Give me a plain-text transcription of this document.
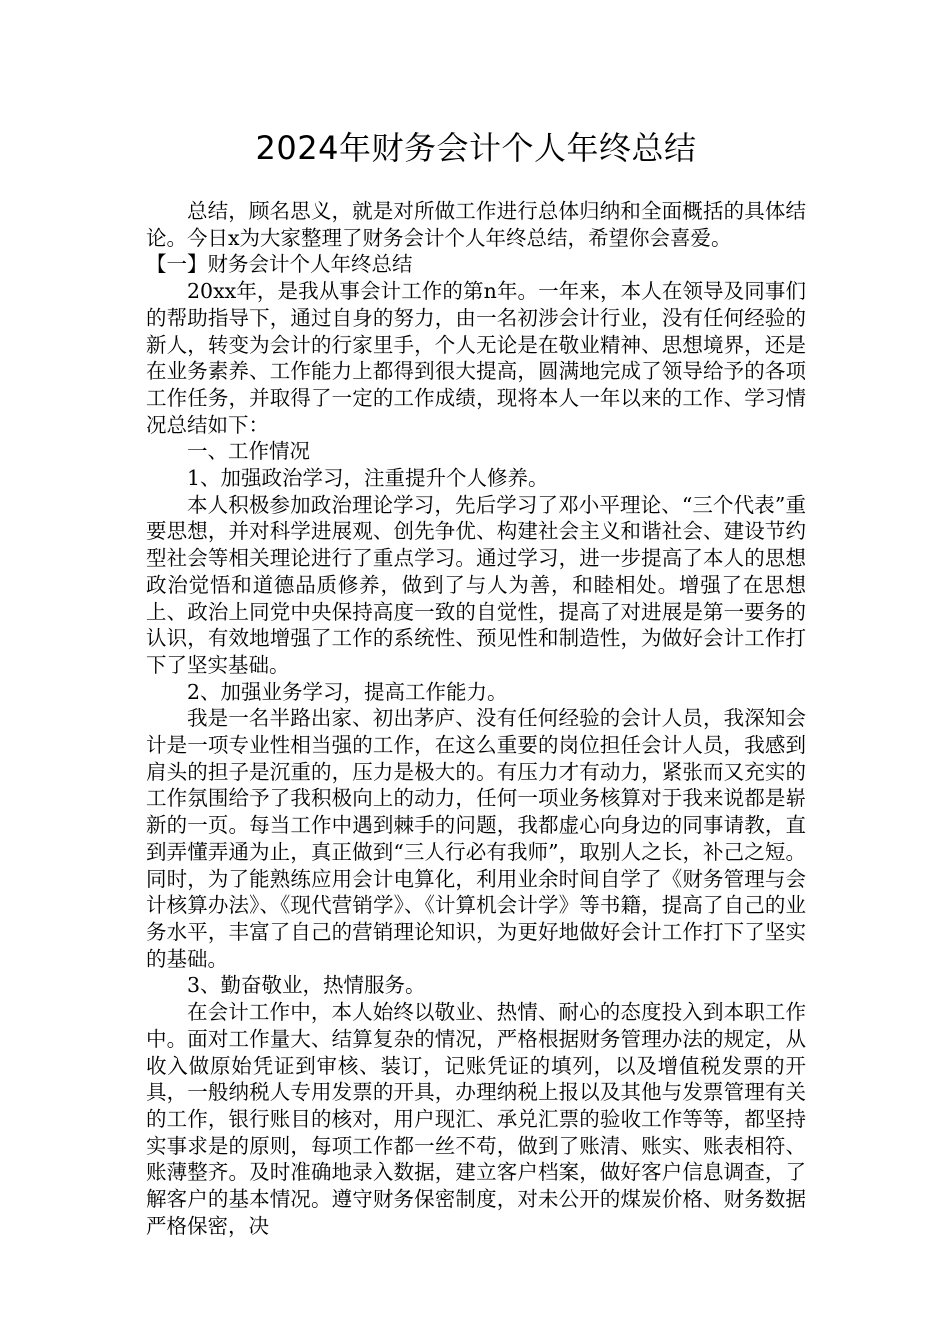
2024年财务会计个人年终总结

总结，顾名思义，就是对所做工作进行总体归纳和全面概括的具体结论。今日x为大家整理了财务会计个人年终总结，希望你会喜爱。

【一】财务会计个人年终总结

20xx年，是我从事会计工作的第n年。一年来，本人在领导及同事们的帮助指导下，通过自身的努力，由一名初涉会计行业，没有任何经验的新人，转变为会计的行家里手，个人无论是在敬业精神、思想境界，还是在业务素养、工作能力上都得到很大提高，圆满地完成了领导给予的各项工作任务，并取得了一定的工作成绩，现将本人一年以来的工作、学习情况总结如下：

一、工作情况

1、加强政治学习，注重提升个人修养。

本人积极参加政治理论学习，先后学习了邓小平理论、“三个代表”重要思想，并对科学进展观、创先争优、构建社会主义和谐社会、建设节约型社会等相关理论进行了重点学习。通过学习，进一步提高了本人的思想政治觉悟和道德品质修养，做到了与人为善，和睦相处。增强了在思想上、政治上同党中央保持高度一致的自觉性，提高了对进展是第一要务的认识，有效地增强了工作的系统性、预见性和制造性，为做好会计工作打下了坚实基础。

2、加强业务学习，提高工作能力。

我是一名半路出家、初出茅庐、没有任何经验的会计人员，我深知会计是一项专业性相当强的工作，在这么重要的岗位担任会计人员，我感到肩头的担子是沉重的，压力是极大的。有压力才有动力，紧张而又充实的工作氛围给予了我积极向上的动力，任何一项业务核算对于我来说都是崭新的一页。每当工作中遇到棘手的问题，我都虚心向身边的同事请教，直到弄懂弄通为止，真正做到“三人行必有我师”，取别人之长，补己之短。同时，为了能熟练应用会计电算化，利用业余时间自学了《财务管理与会计核算办法》、《现代营销学》、《计算机会计学》等书籍，提高了自己的业务水平，丰富了自己的营销理论知识，为更好地做好会计工作打下了坚实的基础。

3、勤奋敬业，热情服务。

在会计工作中，本人始终以敬业、热情、耐心的态度投入到本职工作中。面对工作量大、结算复杂的情况，严格根据财务管理办法的规定，从收入做原始凭证到审核、装订，记账凭证的填列，以及增值税发票的开具，一般纳税人专用发票的开具，办理纳税上报以及其他与发票管理有关的工作，银行账目的核对，用户现汇、承兑汇票的验收工作等等，都坚持实事求是的原则，每项工作都一丝不苟，做到了账清、账实、账表相符、账薄整齐。及时准确地录入数据，建立客户档案，做好客户信息调查，了解客户的基本情况。遵守财务保密制度，对未公开的煤炭价格、财务数据严格保密，决
